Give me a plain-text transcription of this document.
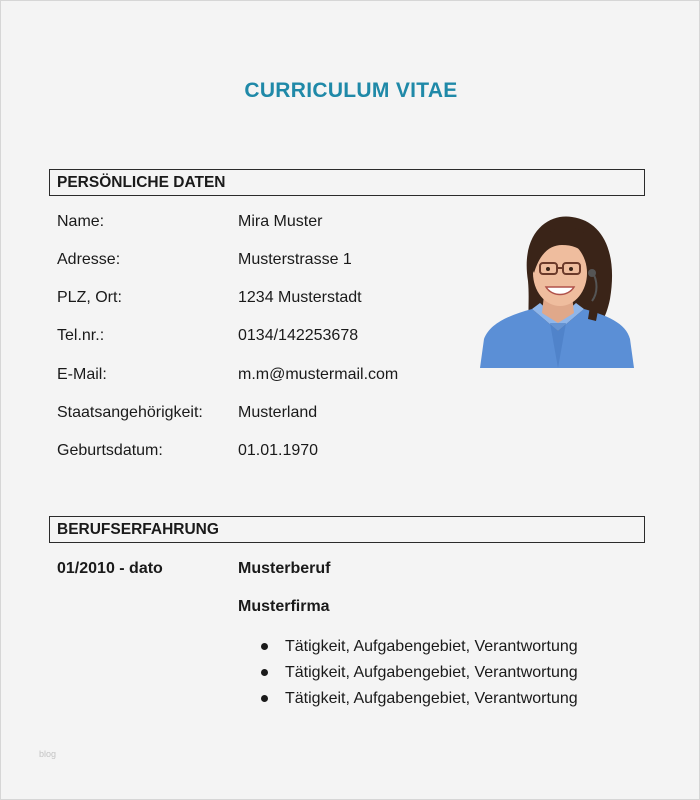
CURRICULUM VITAE
PERSÖNLICHE DATEN
Name:	Mira Muster
Adresse:	Musterstrasse 1
PLZ, Ort:	1234 Musterstadt
Tel.nr.:	0134/142253678
E-Mail:	m.m@mustermail.com
Staatsangehörigkeit: Musterland
Geburtsdatum:	01.01.1970
BERUFSERFAHRUNG
01/2010 - dato	Musterberuf
Musterfirma
Tätigkeit, Aufgabengebiet, Verantwortung
Tätigkeit, Aufgabengebiet, Verantwortung
Tätigkeit, Aufgabengebiet, Verantwortung
blog
